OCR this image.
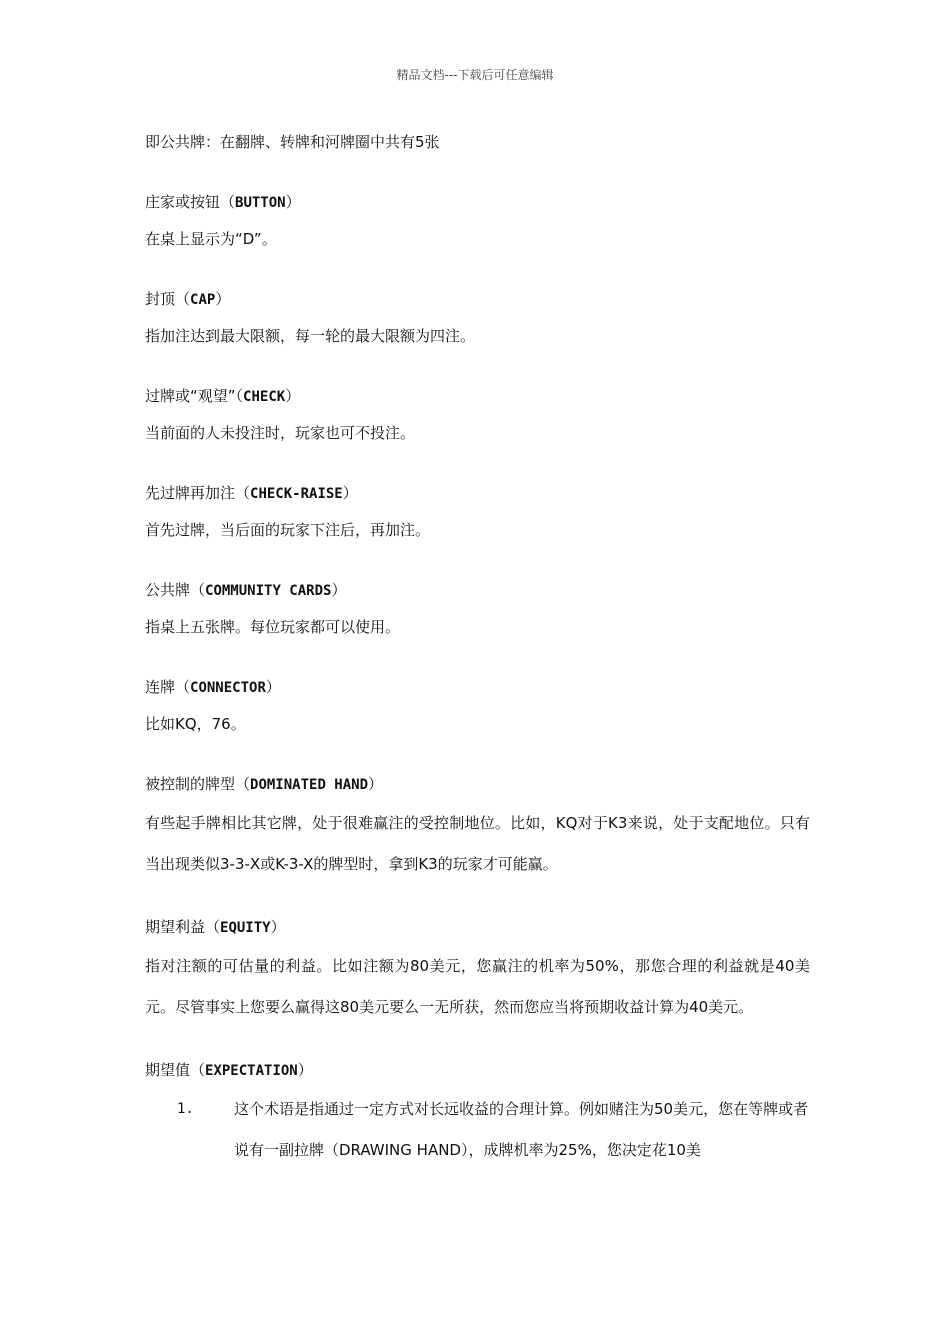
精品文档---下载后可任意编辑

即公共牌：在翻牌、转牌和河牌圈中共有5张

庄家或按钮（BUTTON）

在桌上显示为“D”。

封顶（CAP）

指加注达到最大限额，每一轮的最大限额为四注。

过牌或“观望”（CHECK）

当前面的人未投注时，玩家也可不投注。

先过牌再加注（CHECK-RAISE）

首先过牌，当后面的玩家下注后，再加注。

公共牌（COMMUNITY CARDS）

指桌上五张牌。每位玩家都可以使用。

连牌（CONNECTOR）

比如KQ，76。

被控制的牌型（DOMINATED HAND）

有些起手牌相比其它牌，处于很难赢注的受控制地位。比如，KQ对于K3来说，处于支配地位。只有当出现类似3-3-X或K-3-X的牌型时，拿到K3的玩家才可能赢。

期望利益（EQUITY）

指对注额的可估量的利益。比如注额为80美元，您赢注的机率为50%，那您合理的利益就是40美元。尽管事实上您要么赢得这80美元要么一无所获，然而您应当将预期收益计算为40美元。

期望值（EXPECTATION）

1.	这个术语是指通过一定方式对长远收益的合理计算。例如赌注为50美元，您在等牌或者说有一副拉牌（DRAWING HAND），成牌机率为25%，您决定花10美
